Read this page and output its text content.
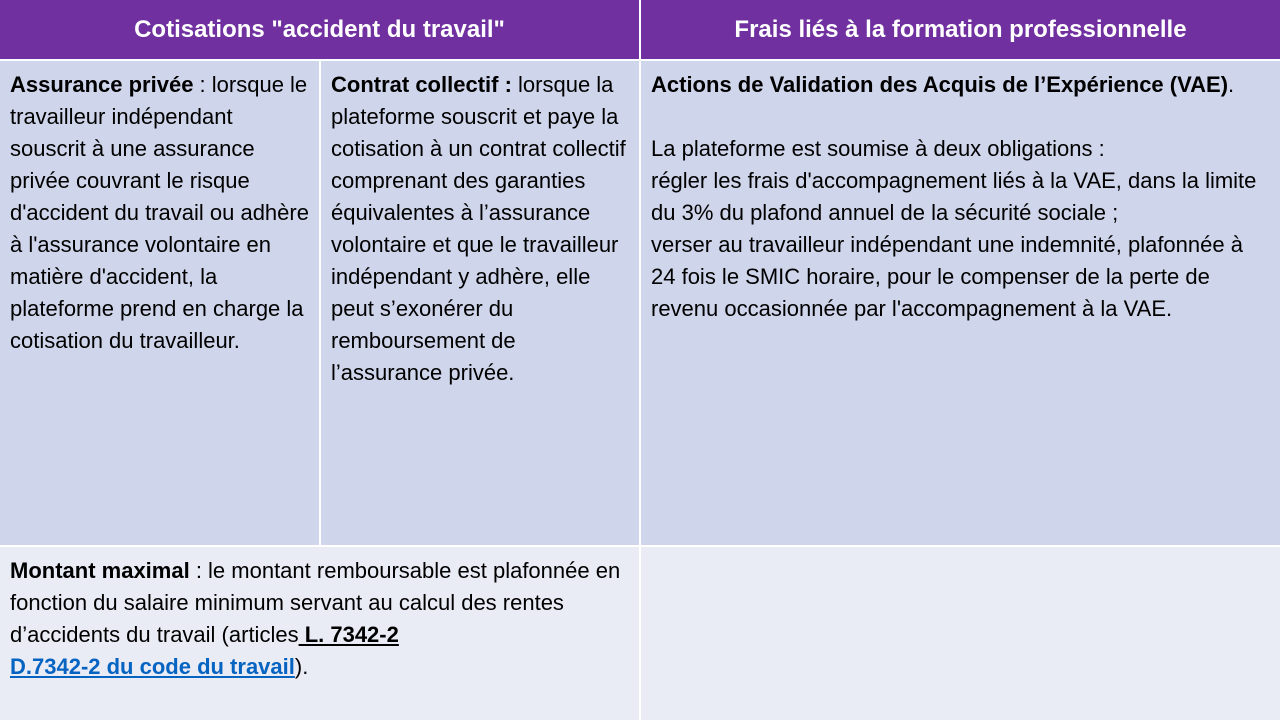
Cotisations "accident du travail"	Frais liés à la formation professionnelle
Assurance privée : lorsque le travailleur indépendant souscrit à une assurance privée couvrant le risque d'accident du travail ou adhère à l'assurance volontaire en matière d'accident, la plateforme prend en charge la cotisation du travailleur.
Contrat collectif : lorsque la plateforme souscrit et paye la cotisation à un contrat collectif comprenant des garanties équivalentes à l’assurance volontaire et que le travailleur indépendant y adhère, elle peut s’exonérer du remboursement de l’assurance privée.
Actions de Validation des Acquis de l’Expérience (VAE).
La plateforme est soumise à deux obligations :
régler les frais d'accompagnement liés à la VAE, dans la limite du 3% du plafond annuel de la sécurité sociale ;
verser au travailleur indépendant une indemnité, plafonnée à 24 fois le SMIC horaire, pour le compenser de la perte de revenu occasionnée par l'accompagnement à la VAE.
Montant maximal : le montant remboursable est plafonnée en fonction du salaire minimum servant au calcul des rentes d’accidents du travail (articles L. 7342-2
D.7342-2 du code du travail).
